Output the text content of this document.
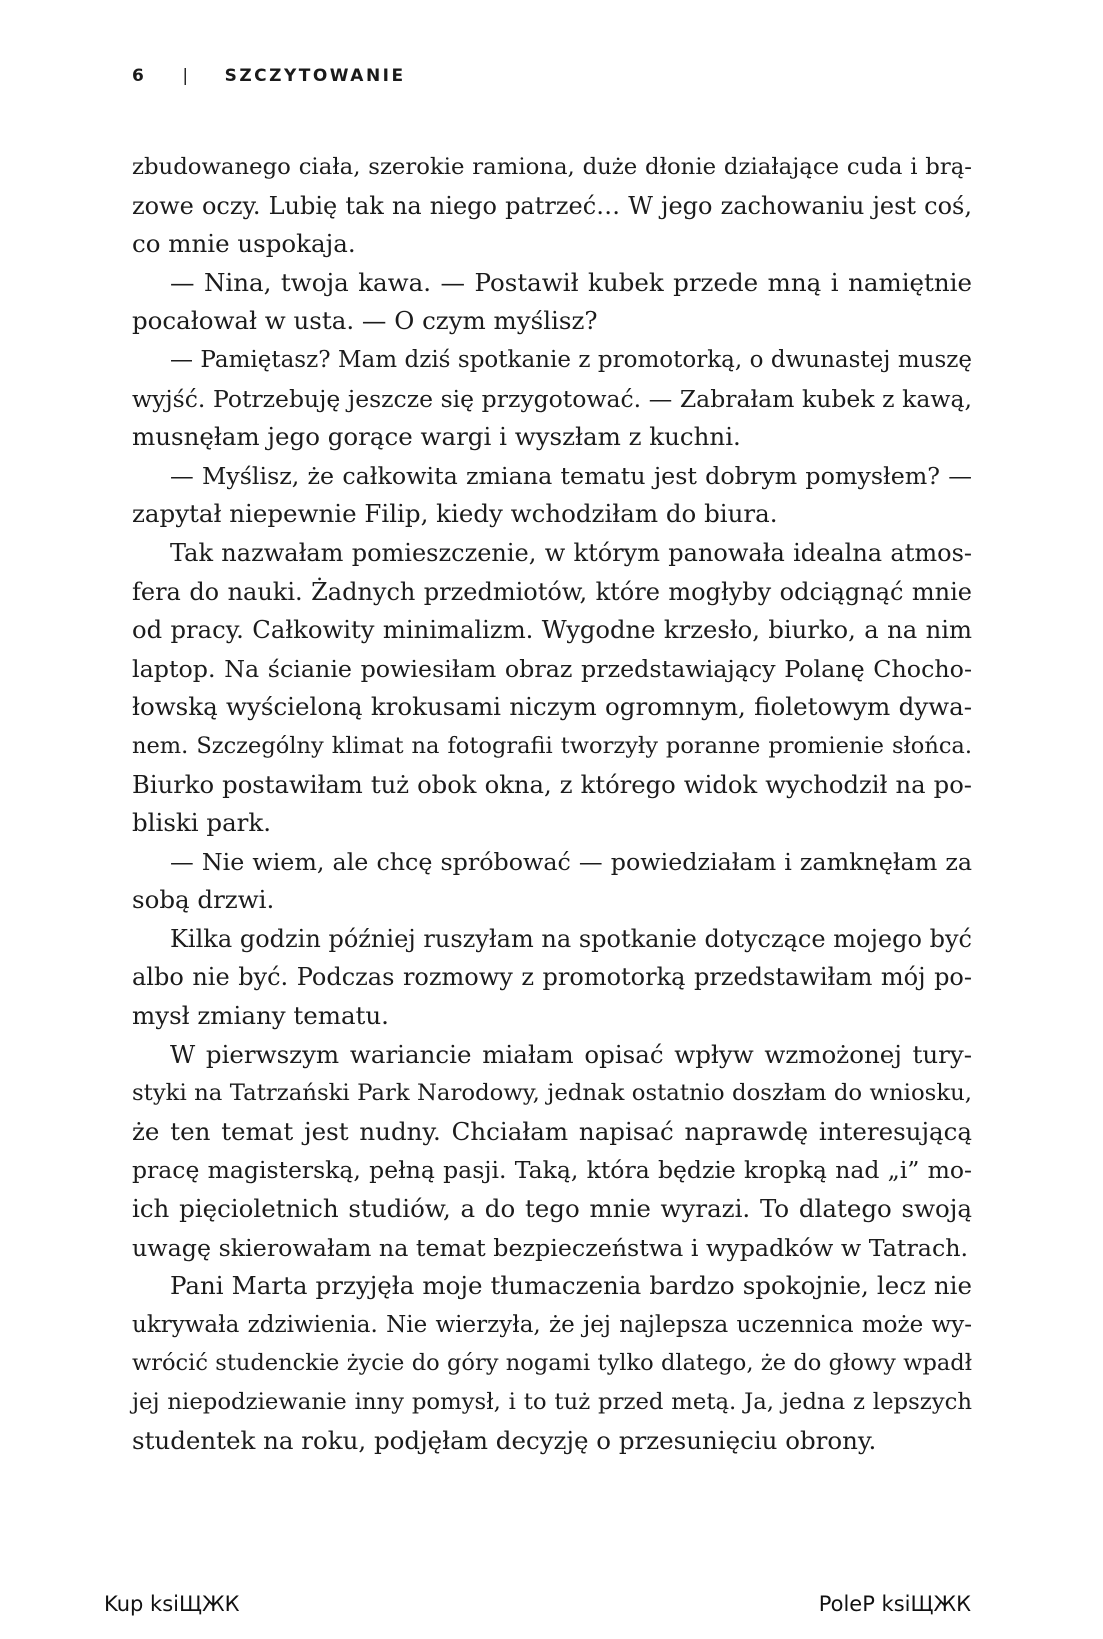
6 | SZCZYTOWANIE
zbudowanego ciała, szerokie ramiona, duże dłonie działające cuda i brą-
zowe oczy. Lubię tak na niego patrzeć… W jego zachowaniu jest coś,
co mnie uspokaja.
— Nina, twoja kawa. — Postawił kubek przede mną i namiętnie
pocałował w usta. — O czym myślisz?
— Pamiętasz? Mam dziś spotkanie z promotorką, o dwunastej muszę
wyjść. Potrzebuję jeszcze się przygotować. — Zabrałam kubek z kawą,
musnęłam jego gorące wargi i wyszłam z kuchni.
— Myślisz, że całkowita zmiana tematu jest dobrym pomysłem? —
zapytał niepewnie Filip, kiedy wchodziłam do biura.
Tak nazwałam pomieszczenie, w którym panowała idealna atmos-
fera do nauki. Żadnych przedmiotów, które mogłyby odciągnąć mnie
od pracy. Całkowity minimalizm. Wygodne krzesło, biurko, a na nim
laptop. Na ścianie powiesiłam obraz przedstawiający Polanę Chocho-
łowską wyścieloną krokusami niczym ogromnym, fioletowym dywa-
nem. Szczególny klimat na fotografii tworzyły poranne promienie słońca.
Biurko postawiłam tuż obok okna, z którego widok wychodził na po-
bliski park.
— Nie wiem, ale chcę spróbować — powiedziałam i zamknęłam za
sobą drzwi.
Kilka godzin później ruszyłam na spotkanie dotyczące mojego być
albo nie być. Podczas rozmowy z promotorką przedstawiłam mój po-
mysł zmiany tematu.
W pierwszym wariancie miałam opisać wpływ wzmożonej tury-
styki na Tatrzański Park Narodowy, jednak ostatnio doszłam do wniosku,
że ten temat jest nudny. Chciałam napisać naprawdę interesującą
pracę magisterską, pełną pasji. Taką, która będzie kropką nad „i” mo-
ich pięcioletnich studiów, a do tego mnie wyrazi. To dlatego swoją
uwagę skierowałam na temat bezpieczeństwa i wypadków w Tatrach.
Pani Marta przyjęła moje tłumaczenia bardzo spokojnie, lecz nie
ukrywała zdziwienia. Nie wierzyła, że jej najlepsza uczennica może wy-
wrócić studenckie życie do góry nogami tylko dlatego, że do głowy wpadł
jej niepodziewanie inny pomysł, i to tuż przed metą. Ja, jedna z lepszych
studentek na roku, podjęłam decyzję o przesunięciu obrony.
Kup ksiЩЖК	PoleP ksiЩЖК
